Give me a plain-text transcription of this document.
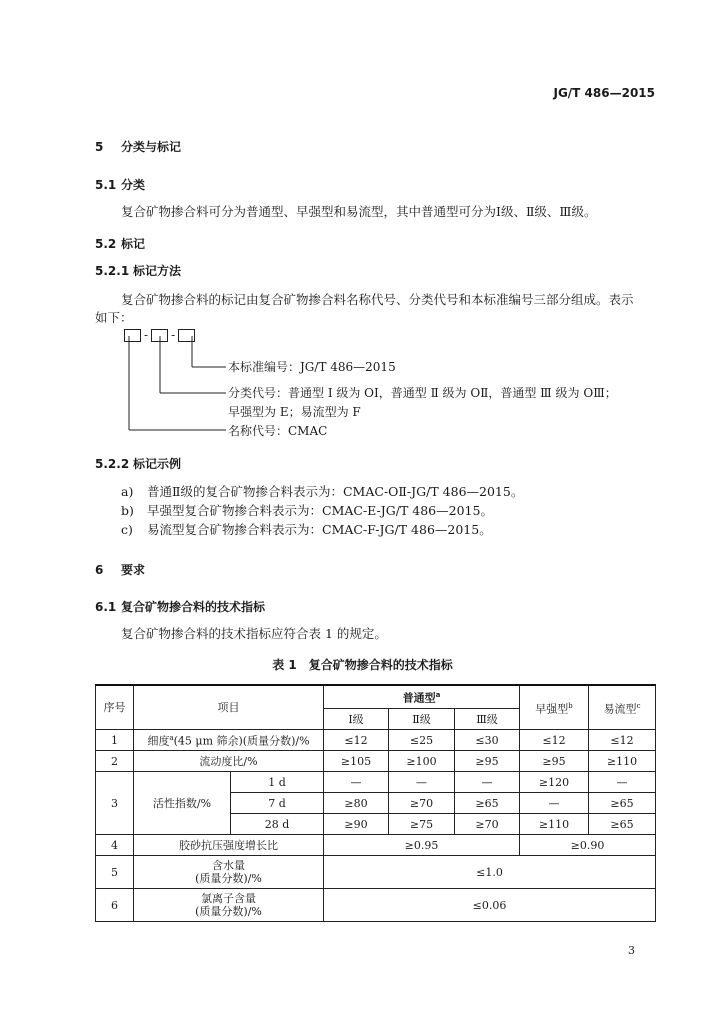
JG/T 486—2015
5 分类与标记
5.1 分类
复合矿物掺合料可分为普通型、早强型和易流型，其中普通型可分为Ⅰ级、Ⅱ级、Ⅲ级。
5.2 标记
5.2.1 标记方法
复合矿物掺合料的标记由复合矿物掺合料名称代号、分类代号和本标准编号三部分组成。表示
如下：
- -
本标准编号：JG/T 486—2015
分类代号：普通型 Ⅰ 级为 OⅠ，普通型 Ⅱ 级为 OⅡ，普通型 Ⅲ 级为 OⅢ；
早强型为 E；易流型为 F
名称代号：CMAC
5.2.2 标记示例
a) 普通Ⅱ级的复合矿物掺合料表示为：CMAC-OⅡ-JG/T 486—2015。
b) 早强型复合矿物掺合料表示为：CMAC-E-JG/T 486—2015。
c) 易流型复合矿物掺合料表示为：CMAC-F-JG/T 486—2015。
6 要求
6.1 复合矿物掺合料的技术指标
复合矿物掺合料的技术指标应符合表 1 的规定。
表 1　复合矿物掺合料的技术指标
序号	项目		普通型$^a$			早强型$^b$	易流型$^c$
			Ⅰ级	Ⅱ级	Ⅲ级		
1	细度$^a$(45 μm 筛余)(质量分数)/%		≤12	≤25	≤30	≤12	≤12
2	流动度比/%		≥105	≥100	≥95	≥95	≥110
3	活性指数/%	1 d	—	—	—	≥120	—
		7 d	≥80	≥70	≥65	—	≥65
		28 d	≥90	≥75	≥70	≥110	≥65
4	胶砂抗压强度增长比		≥0.95			≥0.90	
5	含水量
(质量分数)/%		≤1.0				
6	氯离子含量
(质量分数)/%		≤0.06				
3
